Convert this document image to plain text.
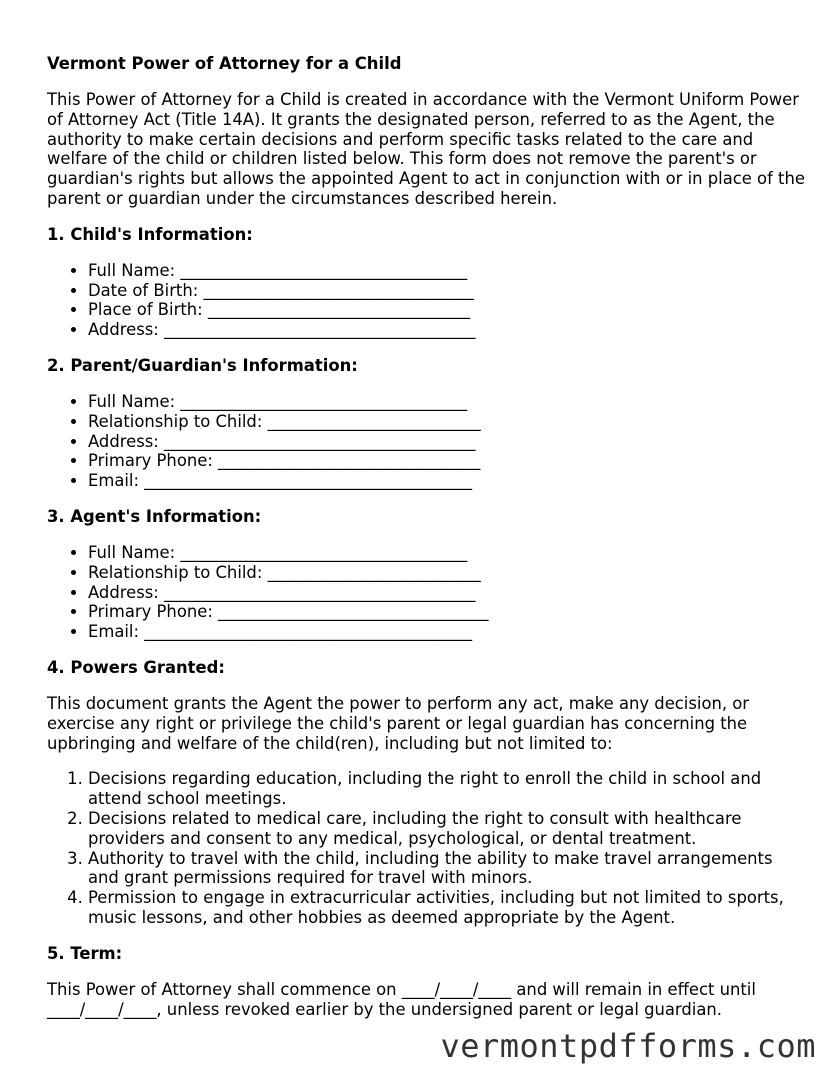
Vermont Power of Attorney for a Child

This Power of Attorney for a Child is created in accordance with the Vermont Uniform Power of Attorney Act (Title 14A). It grants the designated person, referred to as the Agent, the authority to make certain decisions and perform specific tasks related to the care and welfare of the child or children listed below. This form does not remove the parent's or guardian's rights but allows the appointed Agent to act in conjunction with or in place of the parent or guardian under the circumstances described herein.

1. Child's Information:
• Full Name: ___________________________________
• Date of Birth: _________________________________
• Place of Birth: ________________________________
• Address: ______________________________________
2. Parent/Guardian's Information:
• Full Name: ___________________________________
• Relationship to Child: __________________________
• Address: ______________________________________
• Primary Phone: ________________________________
• Email: ________________________________________
3. Agent's Information:
• Full Name: ___________________________________
• Relationship to Child: __________________________
• Address: ______________________________________
• Primary Phone: _________________________________
• Email: ________________________________________
4. Powers Granted:

This document grants the Agent the power to perform any act, make any decision, or exercise any right or privilege the child's parent or legal guardian has concerning the upbringing and welfare of the child(ren), including but not limited to:

1. Decisions regarding education, including the right to enroll the child in school and attend school meetings.
2. Decisions related to medical care, including the right to consult with healthcare providers and consent to any medical, psychological, or dental treatment.
3. Authority to travel with the child, including the ability to make travel arrangements and grant permissions required for travel with minors.
4. Permission to engage in extracurricular activities, including but not limited to sports, music lessons, and other hobbies as deemed appropriate by the Agent.
5. Term:

This Power of Attorney shall commence on ____/____/____ and will remain in effect until ____/____/____, unless revoked earlier by the undersigned parent or legal guardian.

vermontpdfforms.com
